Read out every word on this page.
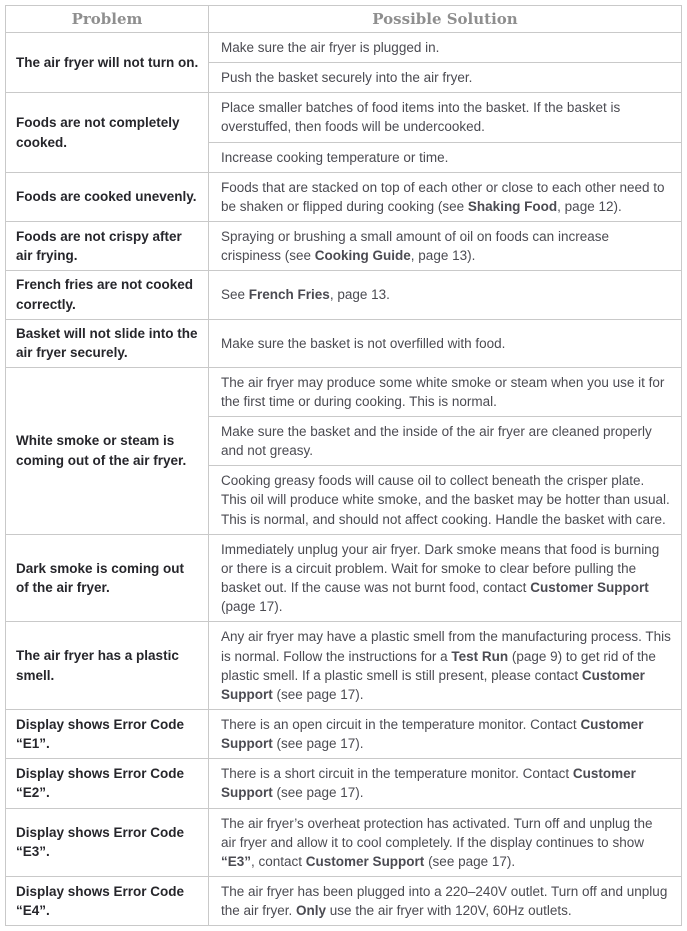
Problem	Possible Solution
The air fryer will not turn on.	Make sure the air fryer is plugged in.
	Push the basket securely into the air fryer.
Foods are not completely cooked.	Place smaller batches of food items into the basket. If the basket is overstuffed, then foods will be undercooked.
	Increase cooking temperature or time.
Foods are cooked unevenly.	Foods that are stacked on top of each other or close to each other need to be shaken or flipped during cooking (see Shaking Food, page 12).
Foods are not crispy after air frying.	Spraying or brushing a small amount of oil on foods can increase crispiness (see Cooking Guide, page 13).
French fries are not cooked correctly.	See French Fries, page 13.
Basket will not slide into the air fryer securely.	Make sure the basket is not overfilled with food.
White smoke or steam is coming out of the air fryer.	The air fryer may produce some white smoke or steam when you use it for the first time or during cooking. This is normal.
	Make sure the basket and the inside of the air fryer are cleaned properly and not greasy.
	Cooking greasy foods will cause oil to collect beneath the crisper plate. This oil will produce white smoke, and the basket may be hotter than usual. This is normal, and should not affect cooking. Handle the basket with care.
Dark smoke is coming out of the air fryer.	Immediately unplug your air fryer. Dark smoke means that food is burning or there is a circuit problem. Wait for smoke to clear before pulling the basket out. If the cause was not burnt food, contact Customer Support (page 17).
The air fryer has a plastic smell.	Any air fryer may have a plastic smell from the manufacturing process. This is normal. Follow the instructions for a Test Run (page 9) to get rid of the plastic smell. If a plastic smell is still present, please contact Customer Support (see page 17).
Display shows Error Code “E1”.	There is an open circuit in the temperature monitor. Contact Customer Support (see page 17).
Display shows Error Code “E2”.	There is a short circuit in the temperature monitor. Contact Customer Support (see page 17).
Display shows Error Code “E3”.	The air fryer’s overheat protection has activated. Turn off and unplug the air fryer and allow it to cool completely. If the display continues to show “E3”, contact Customer Support (see page 17).
Display shows Error Code “E4”.	The air fryer has been plugged into a 220–240V outlet. Turn off and unplug the air fryer. Only use the air fryer with 120V, 60Hz outlets.
